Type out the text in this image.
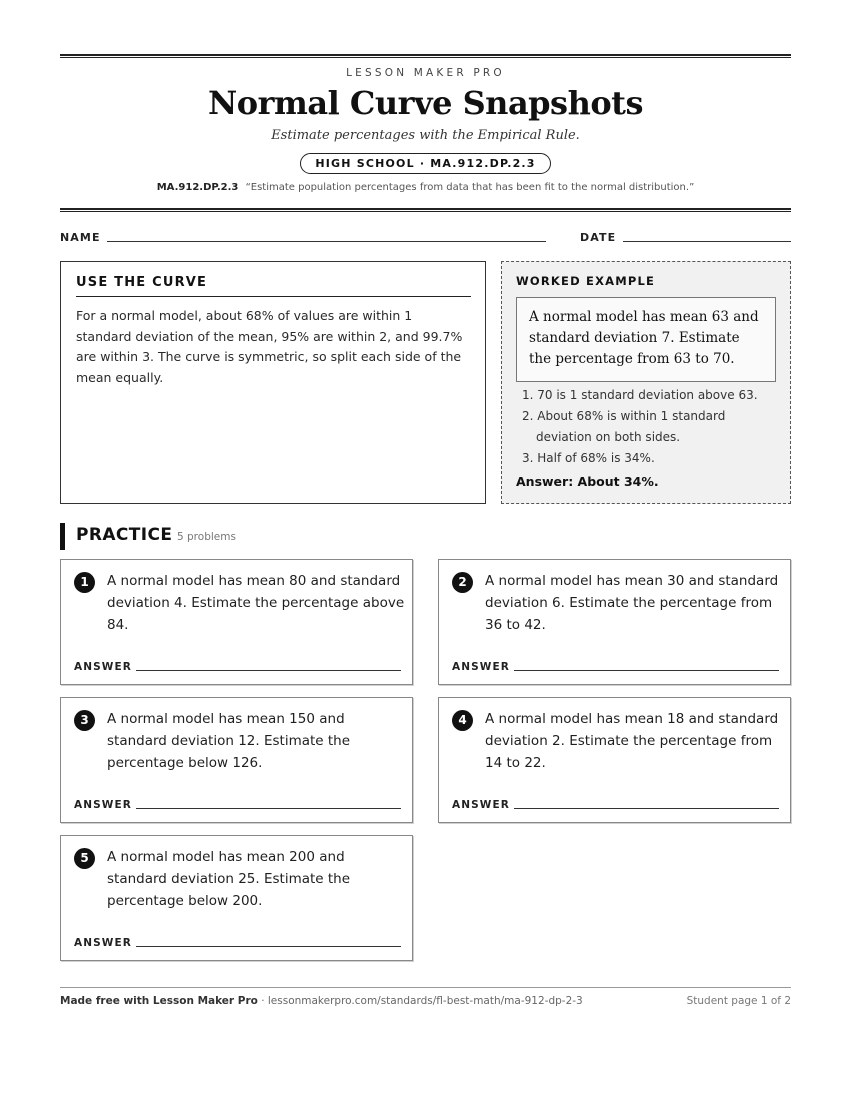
LESSON MAKER PRO
Normal Curve Snapshots
Estimate percentages with the Empirical Rule.
HIGH SCHOOL · MA.912.DP.2.3
MA.912.DP.2.3 “Estimate population percentages from data that has been fit to the normal distribution.”
NAME	DATE
USE THE CURVE
For a normal model, about 68% of values are within 1 standard deviation of the mean, 95% are within 2, and 99.7% are within 3. The curve is symmetric, so split each side of the mean equally.
WORKED EXAMPLE
A normal model has mean 63 and standard deviation 7. Estimate the percentage from 63 to 70.
1. 70 is 1 standard deviation above 63.
2. About 68% is within 1 standard deviation on both sides.
3. Half of 68% is 34%.
Answer: About 34%.
PRACTICE 5 problems
1	A normal model has mean 80 and standard deviation 4. Estimate the percentage above 84.
ANSWER
2	A normal model has mean 30 and standard deviation 6. Estimate the percentage from 36 to 42.
ANSWER
3	A normal model has mean 150 and standard deviation 12. Estimate the percentage below 126.
ANSWER
4	A normal model has mean 18 and standard deviation 2. Estimate the percentage from 14 to 22.
ANSWER
5	A normal model has mean 200 and standard deviation 25. Estimate the percentage below 200.
ANSWER
Made free with Lesson Maker Pro · lessonmakerpro.com/standards/fl-best-math/ma-912-dp-2-3	Student page 1 of 2
